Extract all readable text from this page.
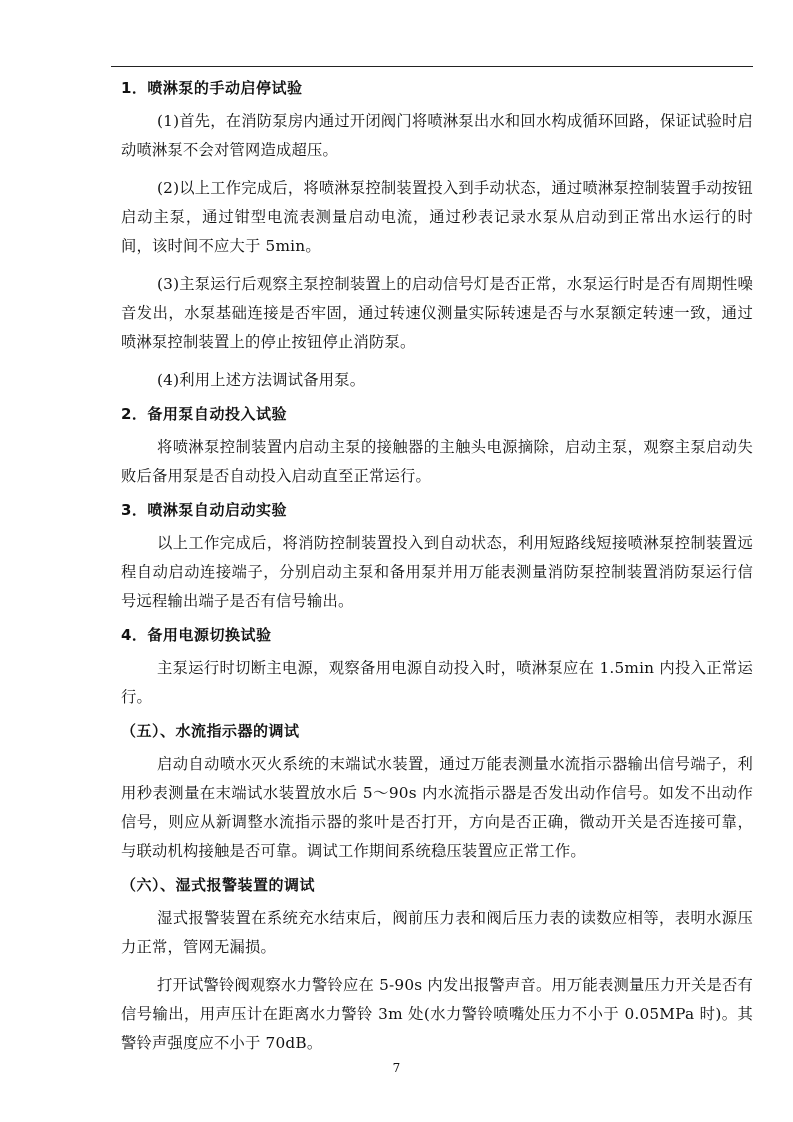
1．喷淋泵的手动启停试验

(1)首先，在消防泵房内通过开闭阀门将喷淋泵出水和回水构成循环回路，保证试验时启动喷淋泵不会对管网造成超压。

(2)以上工作完成后，将喷淋泵控制装置投入到手动状态，通过喷淋泵控制装置手动按钮启动主泵，通过钳型电流表测量启动电流，通过秒表记录水泵从启动到正常出水运行的时间，该时间不应大于 5min。

(3)主泵运行后观察主泵控制装置上的启动信号灯是否正常，水泵运行时是否有周期性噪音发出，水泵基础连接是否牢固，通过转速仪测量实际转速是否与水泵额定转速一致，通过喷淋泵控制装置上的停止按钮停止消防泵。

(4)利用上述方法调试备用泵。

2．备用泵自动投入试验

将喷淋泵控制装置内启动主泵的接触器的主触头电源摘除，启动主泵，观察主泵启动失败后备用泵是否自动投入启动直至正常运行。

3．喷淋泵自动启动实验

以上工作完成后，将消防控制装置投入到自动状态，利用短路线短接喷淋泵控制装置远程自动启动连接端子，分别启动主泵和备用泵并用万能表测量消防泵控制装置消防泵运行信号远程输出端子是否有信号输出。

4．备用电源切换试验

主泵运行时切断主电源，观察备用电源自动投入时，喷淋泵应在 1.5min 内投入正常运行。

（五）、水流指示器的调试

启动自动喷水灭火系统的末端试水装置，通过万能表测量水流指示器输出信号端子，利用秒表测量在末端试水装置放水后 5～90s 内水流指示器是否发出动作信号。如发不出动作信号，则应从新调整水流指示器的浆叶是否打开，方向是否正确，微动开关是否连接可靠，与联动机构接触是否可靠。调试工作期间系统稳压装置应正常工作。

（六）、湿式报警装置的调试

湿式报警装置在系统充水结束后，阀前压力表和阀后压力表的读数应相等，表明水源压力正常，管网无漏损。

打开试警铃阀观察水力警铃应在 5-90s 内发出报警声音。用万能表测量压力开关是否有信号输出，用声压计在距离水力警铃 3m 处(水力警铃喷嘴处压力不小于 0.05MPa 时)。其警铃声强度应不小于 70dB。

7
